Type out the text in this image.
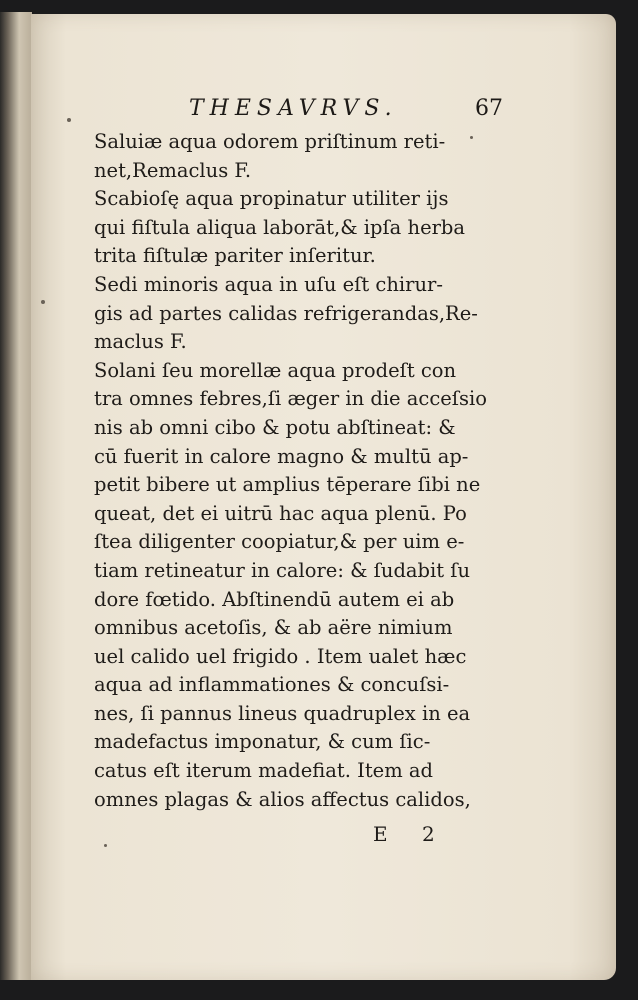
THESAVRVS.	67
Saluiæ aqua odorem priſtinum reti-
net,Remaclus F.
Scabioſę aqua propinatur utiliter ijs
qui fiſtula aliqua laborāt,& ipſa herba
trita fiſtulæ pariter inſeritur.
Sedi minoris aqua in uſu eſt chirur-
gis ad partes calidas refrigerandas,Re-
maclus F.
Solani ſeu morellæ aqua prodeſt con
tra omnes febres,ſi æger in die acceſsio
nis ab omni cibo & potu abſtineat: &
cū fuerit in calore magno & multū ap-
petit bibere ut amplius tēperare ſibi ne
queat, det ei uitrū hac aqua plenū. Po
ſtea diligenter coopiatur,& per uim e-
tiam retineatur in calore: & ſudabit ſu
dore fœtido. Abſtinendū autem ei ab
omnibus acetoſis, & ab aëre nimium
uel calido uel frigido . Item ualet hæc
aqua ad inflammationes & concuſsi-
nes, ſi pannus lineus quadruplex in ea
madefactus imponatur, & cum ſic-
catus eſt iterum madefiat. Item ad
omnes plagas & alios affectus calidos,
E 2
